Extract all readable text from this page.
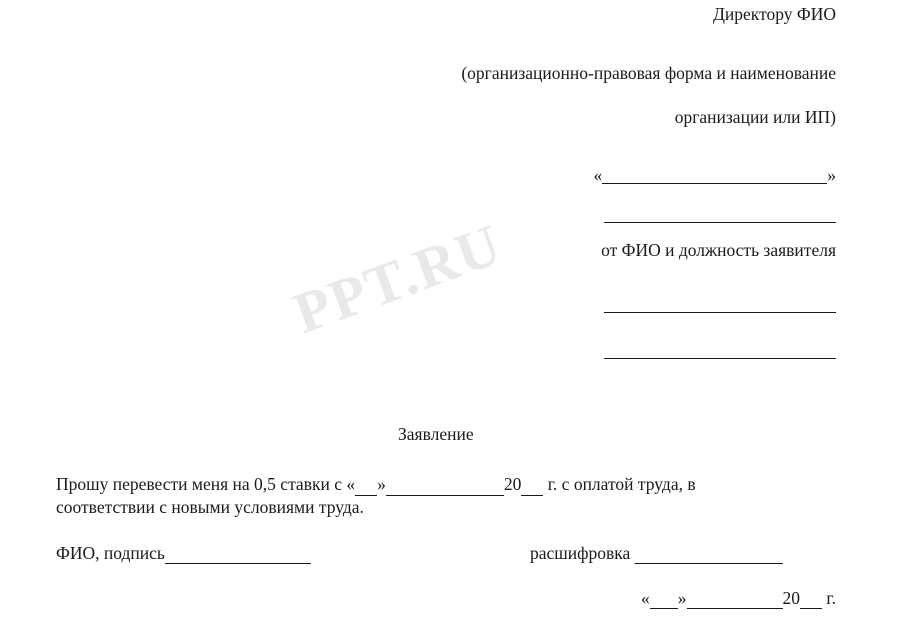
PPT.RU
Директору ФИО
(организационно-правовая форма и наименование организации или ИП)
«	»
от ФИО и должность заявителя
Заявление
Прошу перевести меня на 0,5 ставки с « »	20 г. с оплатой труда, в
соответствии с новыми условиями труда.
ФИО, подпись	расшифровка
« »	20 г.
